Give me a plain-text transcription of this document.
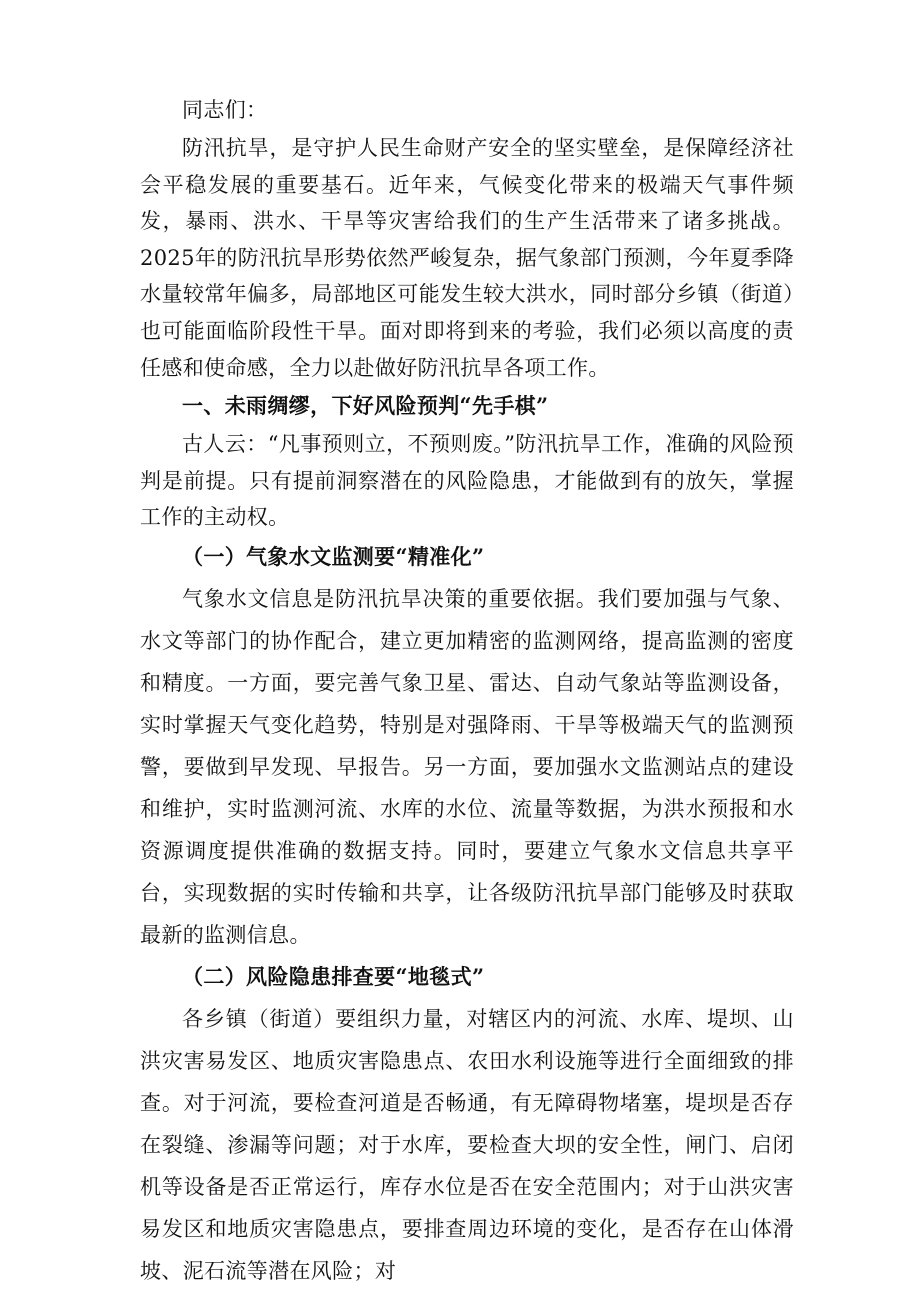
同志们：

防汛抗旱，是守护人民生命财产安全的坚实壁垒，是保障经济社会平稳发展的重要基石。近年来，气候变化带来的极端天气事件频发，暴雨、洪水、干旱等灾害给我们的生产生活带来了诸多挑战。2025年的防汛抗旱形势依然严峻复杂，据气象部门预测，今年夏季降水量较常年偏多，局部地区可能发生较大洪水，同时部分乡镇（街道）也可能面临阶段性干旱。面对即将到来的考验，我们必须以高度的责任感和使命感，全力以赴做好防汛抗旱各项工作。

一、未雨绸缪，下好风险预判“先手棋”

古人云：“凡事预则立，不预则废。”防汛抗旱工作，准确的风险预判是前提。只有提前洞察潜在的风险隐患，才能做到有的放矢，掌握工作的主动权。

（一）气象水文监测要“精准化”

气象水文信息是防汛抗旱决策的重要依据。我们要加强与气象、水文等部门的协作配合，建立更加精密的监测网络，提高监测的密度和精度。一方面，要完善气象卫星、雷达、自动气象站等监测设备，实时掌握天气变化趋势，特别是对强降雨、干旱等极端天气的监测预警，要做到早发现、早报告。另一方面，要加强水文监测站点的建设和维护，实时监测河流、水库的水位、流量等数据，为洪水预报和水资源调度提供准确的数据支持。同时，要建立气象水文信息共享平台，实现数据的实时传输和共享，让各级防汛抗旱部门能够及时获取最新的监测信息。

（二）风险隐患排查要“地毯式”

各乡镇（街道）要组织力量，对辖区内的河流、水库、堤坝、山洪灾害易发区、地质灾害隐患点、农田水利设施等进行全面细致的排查。对于河流，要检查河道是否畅通，有无障碍物堵塞，堤坝是否存在裂缝、渗漏等问题；对于水库，要检查大坝的安全性，闸门、启闭机等设备是否正常运行，库存水位是否在安全范围内；对于山洪灾害易发区和地质灾害隐患点，要排查周边环境的变化，是否存在山体滑坡、泥石流等潜在风险；对
